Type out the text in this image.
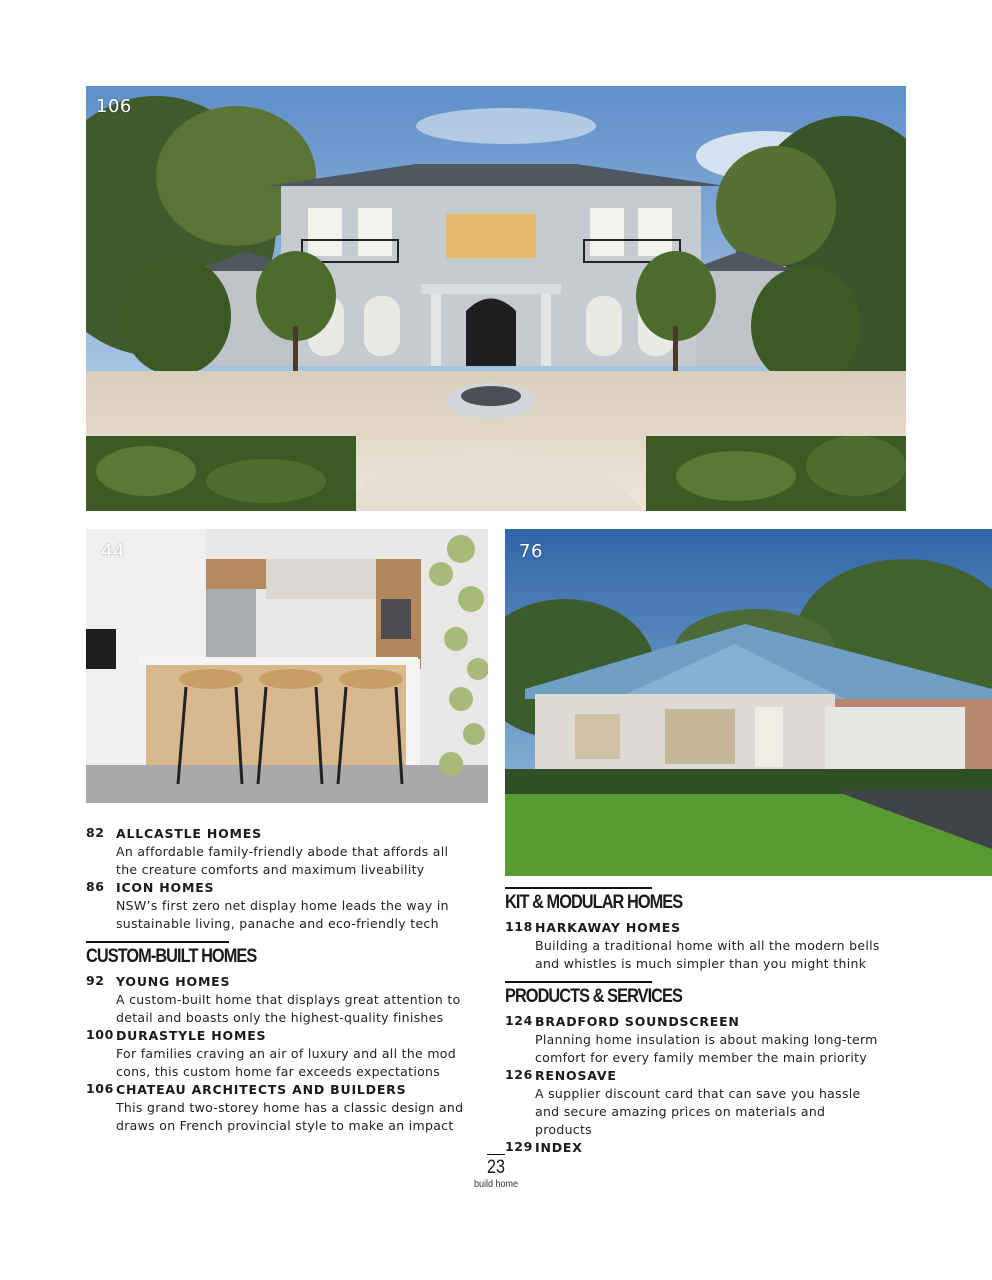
106
44	76
82 ALLCASTLE HOMES
An affordable family-friendly abode that affords all the creature comforts and maximum liveability
86 ICON HOMES
NSW’s first zero net display home leads the way in sustainable living, panache and eco-friendly tech
CUSTOM-BUILT HOMES
92 YOUNG HOMES
A custom-built home that displays great attention to detail and boasts only the highest-quality finishes
100 DURASTYLE HOMES
For families craving an air of luxury and all the mod cons, this custom home far exceeds expectations
106 CHATEAU ARCHITECTS AND BUILDERS
This grand two-storey home has a classic design and draws on French provincial style to make an impact
KIT & MODULAR HOMES
118 HARKAWAY HOMES
Building a traditional home with all the modern bells and whistles is much simpler than you might think
PRODUCTS & SERVICES
124 BRADFORD SOUNDSCREEN
Planning home insulation is about making long-term comfort for every family member the main priority
126 RENOSAVE
A supplier discount card that can save you hassle and secure amazing prices on materials and products
129 INDEX
23
build home
